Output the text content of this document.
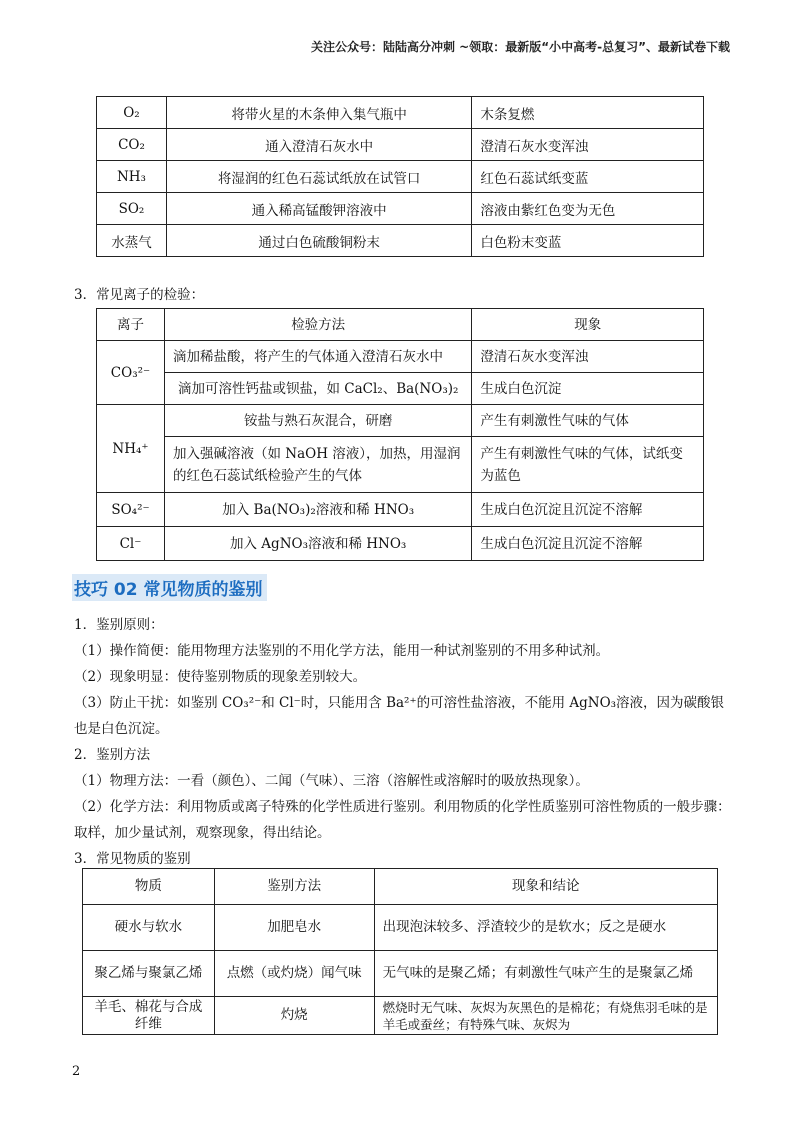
关注公众号：陆陆高分冲刺 ~领取：最新版“小中高考-总复习”、最新试卷下载
O₂	将带火星的木条伸入集气瓶中	木条复燃
CO₂	通入澄清石灰水中	澄清石灰水变浑浊
NH₃	将湿润的红色石蕊试纸放在试管口	红色石蕊试纸变蓝
SO₂	通入稀高锰酸钾溶液中	溶液由紫红色变为无色
水蒸气	通过白色硫酸铜粉末	白色粉末变蓝
3．常见离子的检验：
离子	检验方法	现象
CO₃²⁻	滴加稀盐酸，将产生的气体通入澄清石灰水中	澄清石灰水变浑浊
	滴加可溶性钙盐或钡盐，如 CaCl₂、Ba(NO₃)₂	生成白色沉淀
NH₄⁺	铵盐与熟石灰混合，研磨	产生有刺激性气味的气体
	加入强碱溶液（如 NaOH 溶液），加热，用湿润的红色石蕊试纸检验产生的气体	产生有刺激性气味的气体，试纸变为蓝色
SO₄²⁻	加入 Ba(NO₃)₂溶液和稀 HNO₃	生成白色沉淀且沉淀不溶解
Cl⁻	加入 AgNO₃溶液和稀 HNO₃	生成白色沉淀且沉淀不溶解
技巧 02 常见物质的鉴别
1．鉴别原则：
（1）操作简便：能用物理方法鉴别的不用化学方法，能用一种试剂鉴别的不用多种试剂。
（2）现象明显：使待鉴别物质的现象差别较大。
（3）防止干扰：如鉴别 CO₃²⁻和 Cl⁻时，只能用含 Ba²⁺的可溶性盐溶液，不能用 AgNO₃溶液，因为碳酸银也是白色沉淀。
2．鉴别方法
（1）物理方法：一看（颜色）、二闻（气味）、三溶（溶解性或溶解时的吸放热现象）。
（2）化学方法：利用物质或离子特殊的化学性质进行鉴别。利用物质的化学性质鉴别可溶性物质的一般步骤：取样，加少量试剂，观察现象，得出结论。
3．常见物质的鉴别
物质	鉴别方法	现象和结论
硬水与软水	加肥皂水	出现泡沫较多、浮渣较少的是软水；反之是硬水
聚乙烯与聚氯乙烯	点燃（或灼烧）闻气味	无气味的是聚乙烯；有刺激性气味产生的是聚氯乙烯
羊毛、棉花与合成纤维	灼烧	燃烧时无气味、灰烬为灰黑色的是棉花；有烧焦羽毛味的是羊毛或蚕丝；有特殊气味、灰烬为
2
